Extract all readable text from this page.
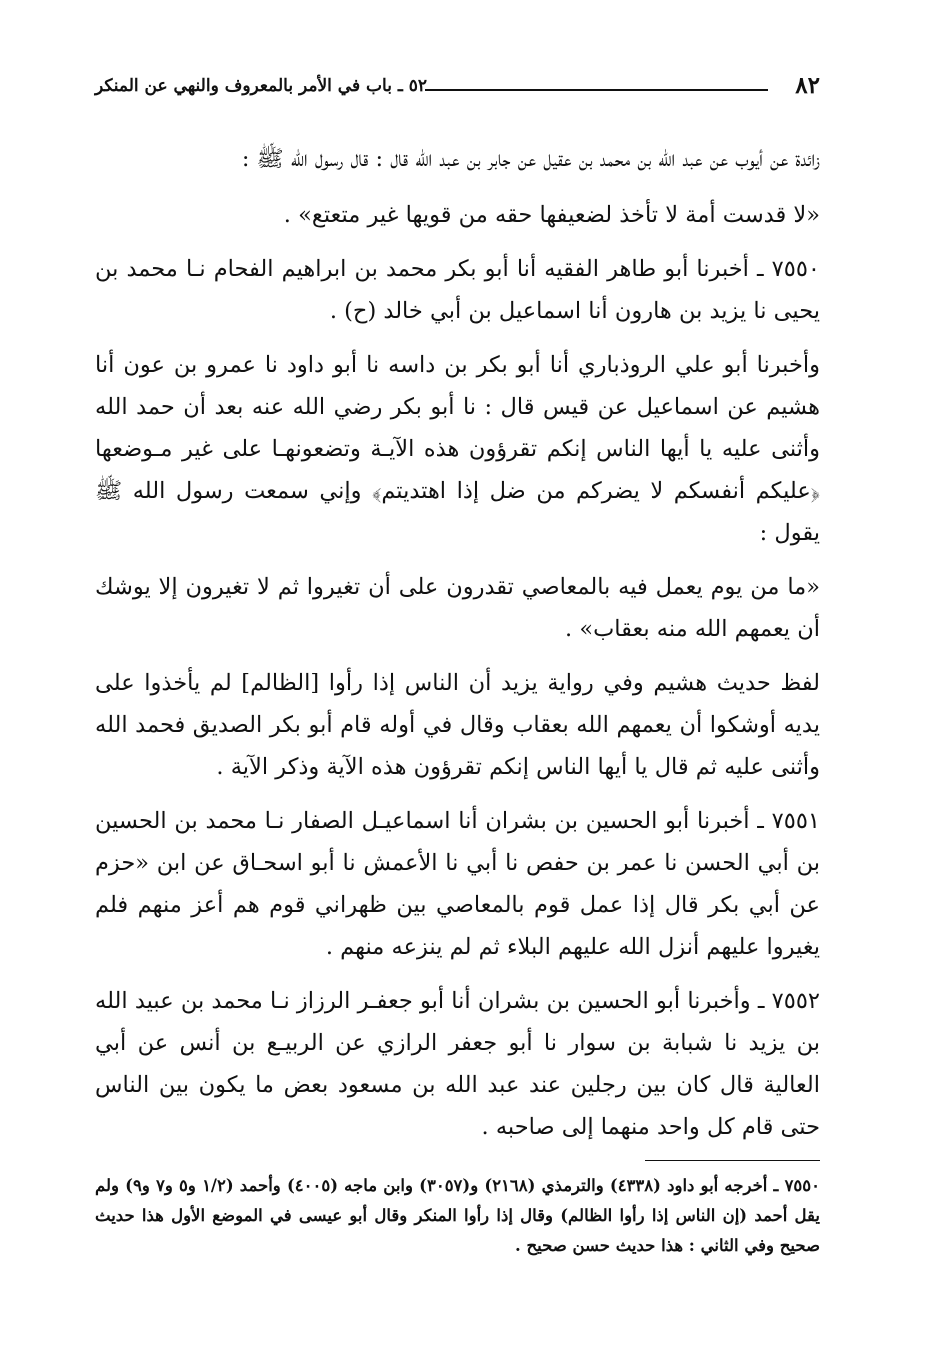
٨٢
٥٢ ـ باب في الأمر بالمعروف والنهي عن المنكر

زائدة عن أيوب عن عبد الله بن محمد بن عقيل عن جابر بن عبد الله قال : قال رسول الله ﷺ :

«لا قدست أمة لا تأخذ لضعيفها حقه من قويها غير متعتع» .

٧٥٥٠ ـ أخبرنا أبو طاهر الفقيه أنا أبو بكر محمد بن ابراهيم الفحام نـا محمد بن يحيى نا يزيد بن هارون أنا اسماعيل بن أبي خالد (ح) .

وأخبرنا أبو علي الروذباري أنا أبو بكر بن داسه نا أبو داود نا عمرو بن عون أنا هشيم عن اسماعيل عن قيس قال : نا أبو بكر رضي الله عنه بعد أن حمد الله وأثنى عليه يا أيها الناس إنكم تقرؤون هذه الآيـة وتضعونهـا على غير مـوضعها ﴿عليكم أنفسكم لا يضركم من ضل إذا اهتديتم﴾ وإني سمعت رسول الله ﷺ يقول :

«ما من يوم يعمل فيه بالمعاصي تقدرون على أن تغيروا ثم لا تغيرون إلا يوشك أن يعمهم الله منه بعقاب» .

لفظ حديث هشيم وفي رواية يزيد أن الناس إذا رأوا [الظالم] لم يأخذوا على يديه أوشكوا أن يعمهم الله بعقاب وقال في أوله قام أبو بكر الصديق فحمد الله وأثنى عليه ثم قال يا أيها الناس إنكم تقرؤون هذه الآية وذكر الآية .

٧٥٥١ ـ أخبرنا أبو الحسين بن بشران أنا اسماعيـل الصفار نـا محمد بن الحسين بن أبي الحسن نا عمر بن حفص نا أبي نا الأعمش نا أبو اسحـاق عن ابن «حزم عن أبي بكر قال إذا عمل قوم بالمعاصي بين ظهراني قوم هم أعز منهم فلم يغيروا عليهم أنزل الله عليهم البلاء ثم لم ينزعه منهم .

٧٥٥٢ ـ وأخبرنا أبو الحسين بن بشران أنا أبو جعفـر الرزاز نـا محمد بن عبيد الله بن يزيد نا شبابة بن سوار نا أبو جعفر الرازي عن الربيـع بن أنس عن أبي العالية قال كان بين رجلين عند عبد الله بن مسعود بعض ما يكون بين الناس حتى قام كل واحد منهما إلى صاحبه .

٧٥٥٠ ـ أخرجه أبو داود (٤٣٣٨) والترمذي (٢١٦٨) و(٣٠٥٧) وابن ماجه (٤٠٠٥) وأحمد (١/٢ و٥ و٧ و٩) ولم يقل أحمد (إن الناس إذا رأوا الظالم) وقال إذا رأوا المنكر وقال أبو عيسى في الموضع الأول هذا حديث صحيح وفي الثاني : هذا حديث حسن صحيح .
